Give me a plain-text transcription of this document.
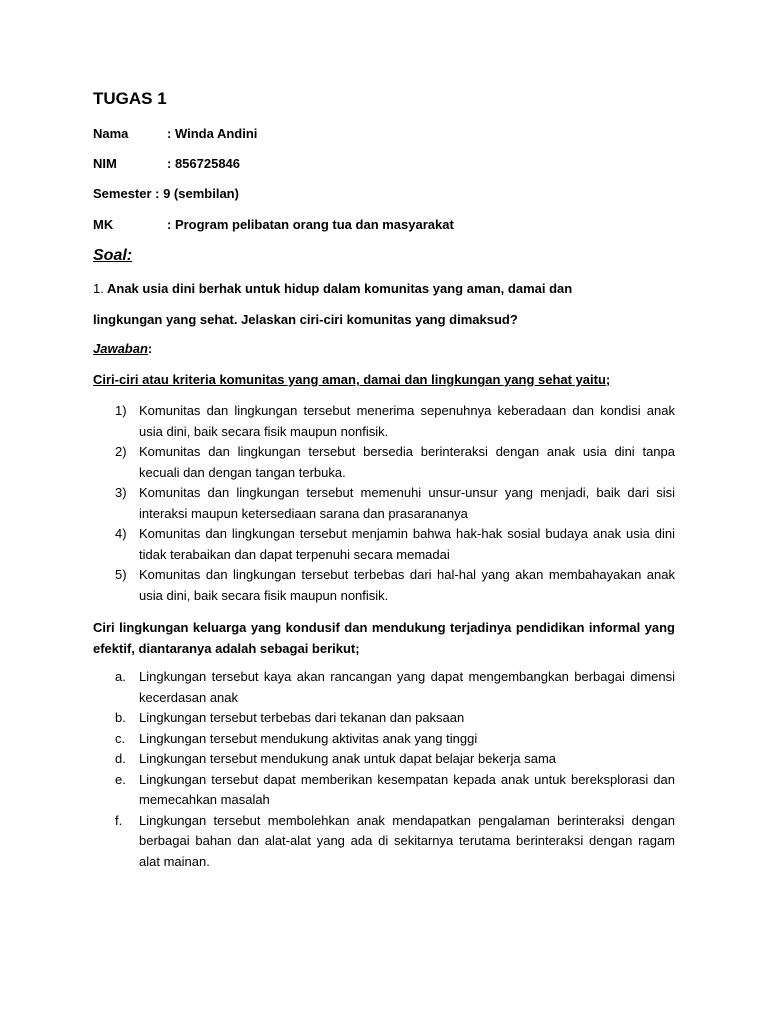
TUGAS 1
Nama	: Winda Andini
NIM	: 856725846
Semester : 9 (sembilan)
MK	: Program pelibatan orang tua dan masyarakat
Soal:
1. Anak usia dini berhak untuk hidup dalam komunitas yang aman, damai dan
lingkungan yang sehat. Jelaskan ciri-ciri komunitas yang dimaksud?
Jawaban:
Ciri-ciri atau kriteria komunitas yang aman, damai dan lingkungan yang sehat yaitu;
1) Komunitas dan lingkungan tersebut menerima sepenuhnya keberadaan dan kondisi anak usia dini, baik secara fisik maupun nonfisik.
2) Komunitas dan lingkungan tersebut bersedia berinteraksi dengan anak usia dini tanpa kecuali dan dengan tangan terbuka.
3) Komunitas dan lingkungan tersebut memenuhi unsur-unsur yang menjadi, baik dari sisi interaksi maupun ketersediaan sarana dan prasarananya
4) Komunitas dan lingkungan tersebut menjamin bahwa hak-hak sosial budaya anak usia dini tidak terabaikan dan dapat terpenuhi secara memadai
5) Komunitas dan lingkungan tersebut terbebas dari hal-hal yang akan membahayakan anak usia dini, baik secara fisik maupun nonfisik.
Ciri lingkungan keluarga yang kondusif dan mendukung terjadinya pendidikan informal yang efektif, diantaranya adalah sebagai berikut;
a. Lingkungan tersebut kaya akan rancangan yang dapat mengembangkan berbagai dimensi kecerdasan anak
b. Lingkungan tersebut terbebas dari tekanan dan paksaan
c. Lingkungan tersebut mendukung aktivitas anak yang tinggi
d. Lingkungan tersebut mendukung anak untuk dapat belajar bekerja sama
e. Lingkungan tersebut dapat memberikan kesempatan kepada anak untuk bereksplorasi dan memecahkan masalah
f. Lingkungan tersebut membolehkan anak mendapatkan pengalaman berinteraksi dengan berbagai bahan dan alat-alat yang ada di sekitarnya terutama berinteraksi dengan ragam alat mainan.
